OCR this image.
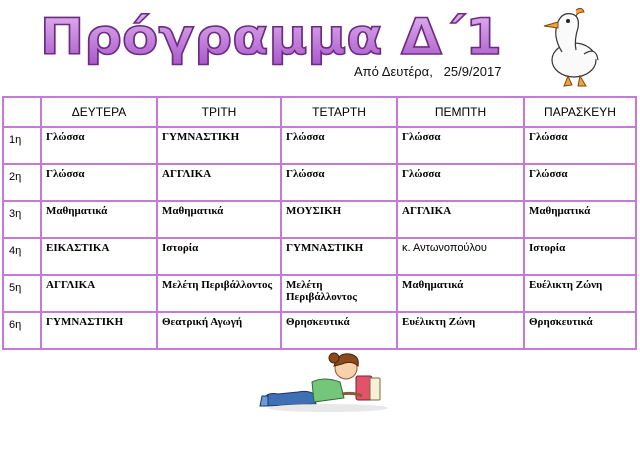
Πρόγραμμα Δ΄1
Από Δευτέρα,   25/9/2017
	ΔΕΥΤΕΡΑ	ΤΡΙΤΗ	ΤΕΤΑΡΤΗ	ΠΕΜΠΤΗ	ΠΑΡΑΣΚΕΥΗ
1η	Γλώσσα	ΓΥΜΝΑΣΤΙΚΗ	Γλώσσα	Γλώσσα	Γλώσσα
2η	Γλώσσα	ΑΓΓΛΙΚΑ	Γλώσσα	Γλώσσα	Γλώσσα
3η	Μαθηματικά	Μαθηματικά	ΜΟΥΣΙΚΗ	ΑΓΓΛΙΚΑ	Μαθηματικά
4η	ΕΙΚΑΣΤΙΚΑ	Ιστορία	ΓΥΜΝΑΣΤΙΚΗ	κ. Αντωνοπούλου	Ιστορία
5η	ΑΓΓΛΙΚΑ	Μελέτη Περιβάλλοντος	Μελέτη Περιβάλλοντος	Μαθηματικά	Ευέλικτη Ζώνη
6η	ΓΥΜΝΑΣΤΙΚΗ	Θεατρική Αγωγή	Θρησκευτικά	Ευέλικτη Ζώνη	Θρησκευτικά
